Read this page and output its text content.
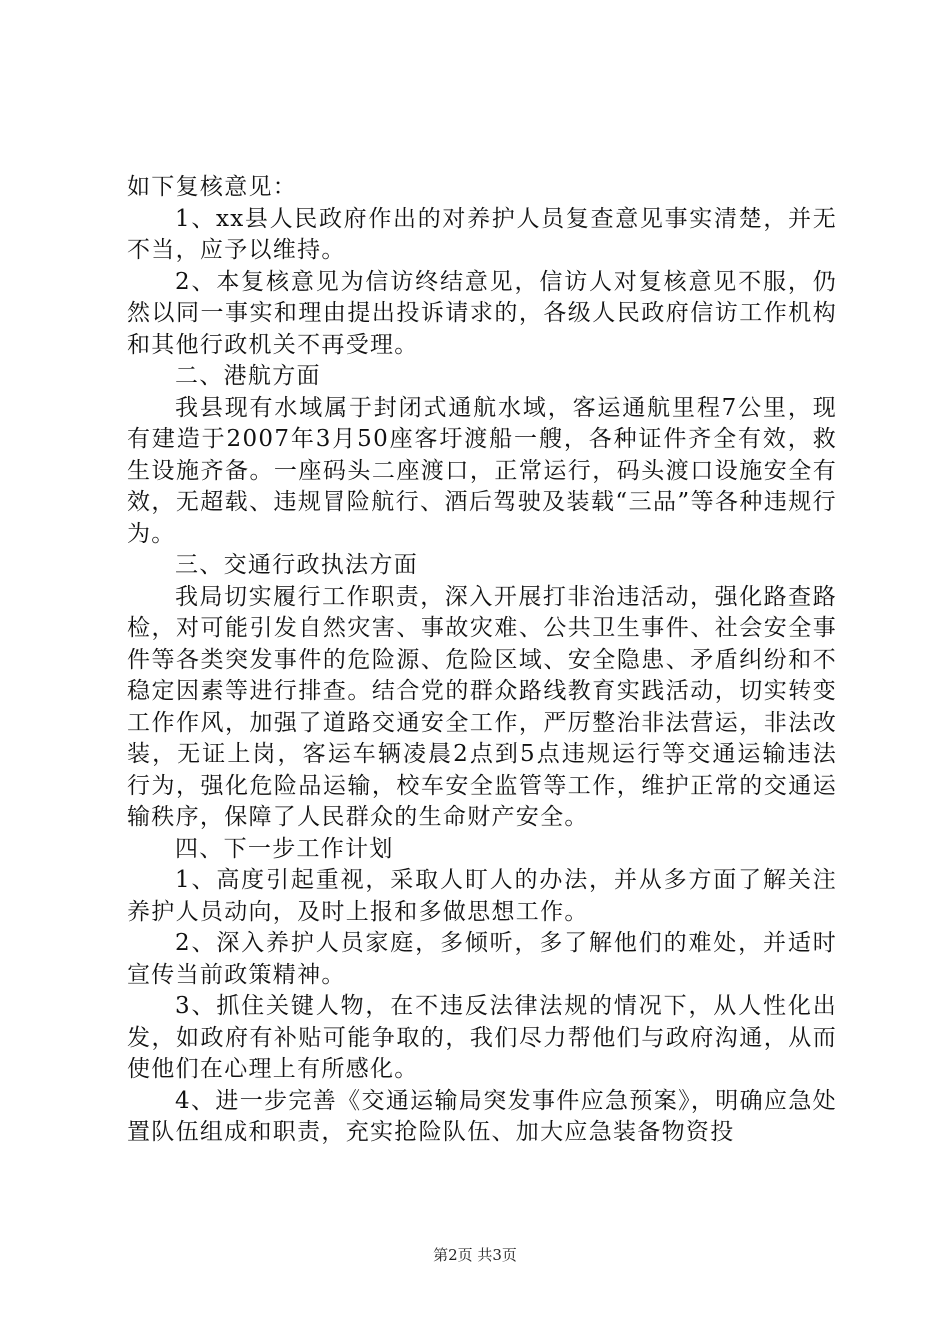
如下复核意见：

1、xx县人民政府作出的对养护人员复查意见事实清楚，并无不当，应予以维持。

2、本复核意见为信访终结意见，信访人对复核意见不服，仍然以同一事实和理由提出投诉请求的，各级人民政府信访工作机构和其他行政机关不再受理。

二、港航方面

我县现有水域属于封闭式通航水域，客运通航里程7公里，现有建造于2007年3月50座客圩渡船一艘，各种证件齐全有效，救生设施齐备。一座码头二座渡口，正常运行，码头渡口设施安全有效，无超载、违规冒险航行、酒后驾驶及装载“三品”等各种违规行为。

三、交通行政执法方面

我局切实履行工作职责，深入开展打非治违活动，强化路查路检，对可能引发自然灾害、事故灾难、公共卫生事件、社会安全事件等各类突发事件的危险源、危险区域、安全隐患、矛盾纠纷和不稳定因素等进行排查。结合党的群众路线教育实践活动，切实转变工作作风，加强了道路交通安全工作，严厉整治非法营运，非法改装，无证上岗，客运车辆凌晨2点到5点违规运行等交通运输违法行为，强化危险品运输，校车安全监管等工作，维护正常的交通运输秩序，保障了人民群众的生命财产安全。

四、下一步工作计划

1、高度引起重视，采取人盯人的办法，并从多方面了解关注养护人员动向，及时上报和多做思想工作。

2、深入养护人员家庭，多倾听，多了解他们的难处，并适时宣传当前政策精神。

3、抓住关键人物，在不违反法律法规的情况下，从人性化出发，如政府有补贴可能争取的，我们尽力帮他们与政府沟通，从而使他们在心理上有所感化。

4、进一步完善《交通运输局突发事件应急预案》，明确应急处置队伍组成和职责，充实抢险队伍、加大应急装备物资投

第2页 共3页
